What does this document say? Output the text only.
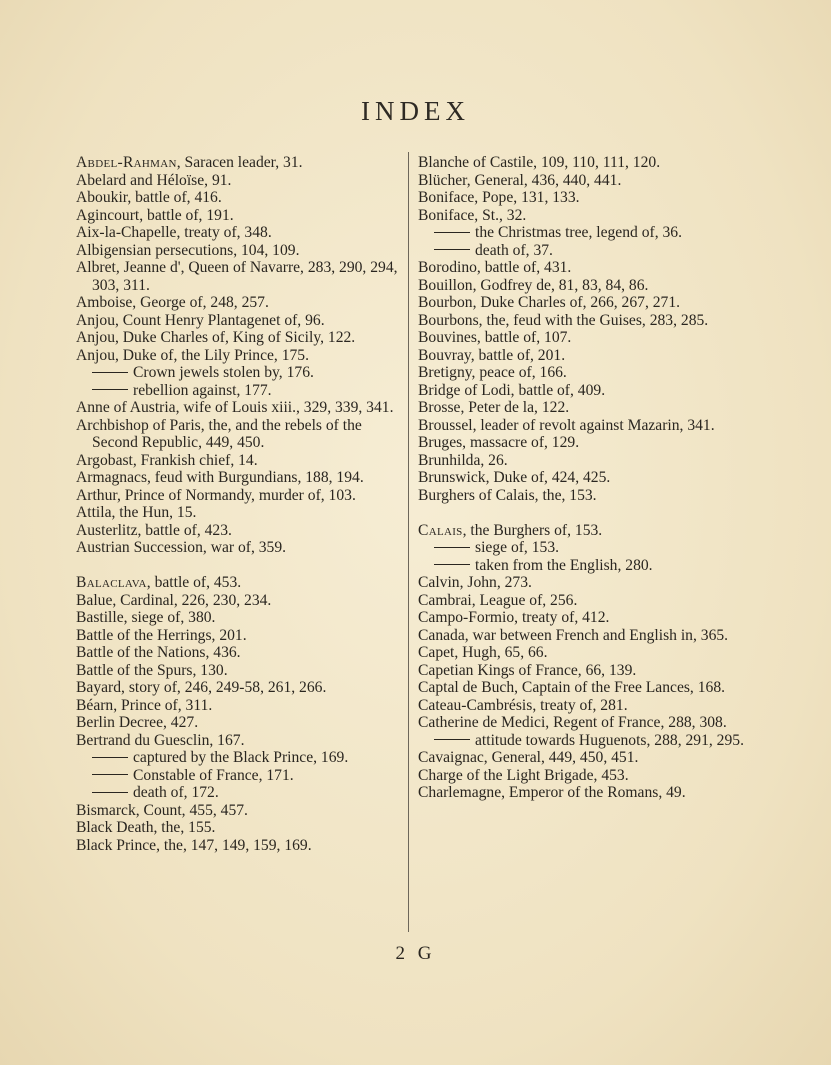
INDEX

Abdel-Rahman, Saracen leader, 31.

Abelard and Héloïse, 91.

Aboukir, battle of, 416.

Agincourt, battle of, 191.

Aix-la-Chapelle, treaty of, 348.

Albigensian persecutions, 104, 109.

Albret, Jeanne d', Queen of Navarre, 283, 290, 294, 303, 311.

Amboise, George of, 248, 257.

Anjou, Count Henry Plantagenet of, 96.

Anjou, Duke Charles of, King of Sicily, 122.

Anjou, Duke of, the Lily Prince, 175.

Crown jewels stolen by, 176.

rebellion against, 177.

Anne of Austria, wife of Louis xiii., 329, 339, 341.

Archbishop of Paris, the, and the rebels of the Second Republic, 449, 450.

Argobast, Frankish chief, 14.

Armagnacs, feud with Burgundians, 188, 194.

Arthur, Prince of Normandy, murder of, 103.

Attila, the Hun, 15.

Austerlitz, battle of, 423.

Austrian Succession, war of, 359.

Balaclava, battle of, 453.

Balue, Cardinal, 226, 230, 234.

Bastille, siege of, 380.

Battle of the Herrings, 201.

Battle of the Nations, 436.

Battle of the Spurs, 130.

Bayard, story of, 246, 249-58, 261, 266.

Béarn, Prince of, 311.

Berlin Decree, 427.

Bertrand du Guesclin, 167.

captured by the Black Prince, 169.

Constable of France, 171.

death of, 172.

Bismarck, Count, 455, 457.

Black Death, the, 155.

Black Prince, the, 147, 149, 159, 169.

Blanche of Castile, 109, 110, 111, 120.

Blücher, General, 436, 440, 441.

Boniface, Pope, 131, 133.

Boniface, St., 32.

the Christmas tree, legend of, 36.

death of, 37.

Borodino, battle of, 431.

Bouillon, Godfrey de, 81, 83, 84, 86.

Bourbon, Duke Charles of, 266, 267, 271.

Bourbons, the, feud with the Guises, 283, 285.

Bouvines, battle of, 107.

Bouvray, battle of, 201.

Bretigny, peace of, 166.

Bridge of Lodi, battle of, 409.

Brosse, Peter de la, 122.

Broussel, leader of revolt against Mazarin, 341.

Bruges, massacre of, 129.

Brunhilda, 26.

Brunswick, Duke of, 424, 425.

Burghers of Calais, the, 153.

Calais, the Burghers of, 153.

siege of, 153.

taken from the English, 280.

Calvin, John, 273.

Cambrai, League of, 256.

Campo-Formio, treaty of, 412.

Canada, war between French and English in, 365.

Capet, Hugh, 65, 66.

Capetian Kings of France, 66, 139.

Captal de Buch, Captain of the Free Lances, 168.

Cateau-Cambrésis, treaty of, 281.

Catherine de Medici, Regent of France, 288, 308.

attitude towards Huguenots, 288, 291, 295.

Cavaignac, General, 449, 450, 451.

Charge of the Light Brigade, 453.

Charlemagne, Emperor of the Romans, 49.

2 G
